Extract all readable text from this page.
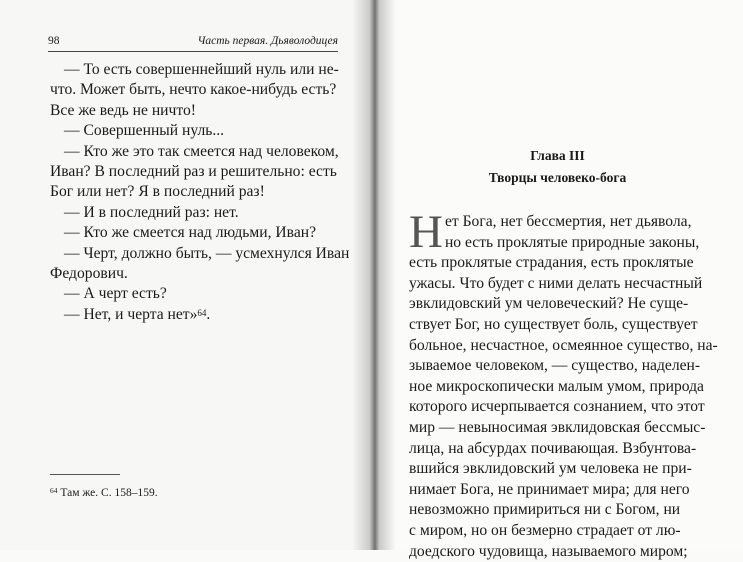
98	Часть первая. Дьяволодицея
— То есть совершеннейший нуль или не-
что. Может быть, нечто какое-нибудь есть?
Все же ведь не ничто!
— Совершенный нуль...
— Кто же это так смеется над человеком,
Иван? В последний раз и решительно: есть
Бог или нет? Я в последний раз!
— И в последний раз: нет.
— Кто же смеется над людьми, Иван?
— Черт, должно быть, — усмехнулся Иван
Федорович.
— А черт есть?
— Нет, и черта нет»$^{64}$.
$^{64}$ Там же. С. 158–159.
Глава III
Творцы человеко-бога
Н ет Бога, нет бессмертия, нет дьявола,
но есть проклятые природные законы,
есть проклятые страдания, есть проклятые
ужасы. Что будет с ними делать несчастный
эвклидовский ум человеческий? Не суще-
ствует Бог, но существует боль, существует
больное, несчастное, осмеянное существо, на-
зываемое человеком, — существо, наделен-
ное микроскопически малым умом, природа
которого исчерпывается сознанием, что этот
мир — невыносимая эвклидовская бессмыс-
лица, на абсурдах почивающая. Взбунтова-
вшийся эвклидовский ум человека не при-
нимает Бога, не принимает мира; для него
невозможно примириться ни с Богом, ни
с миром, но он безмерно страдает от лю-
доедского чудовища, называемого миром;
